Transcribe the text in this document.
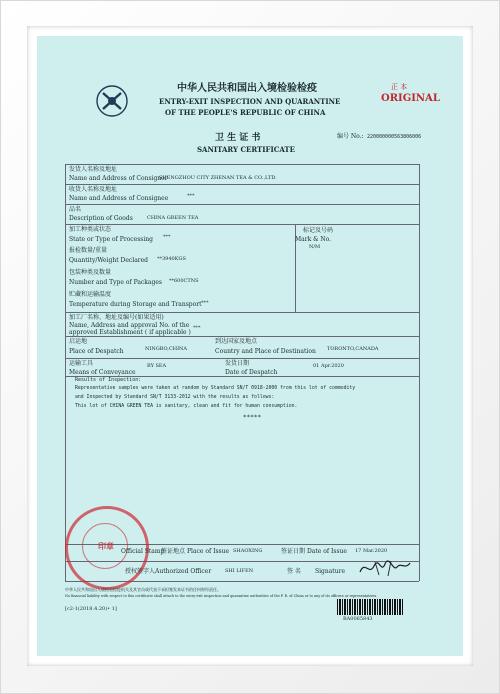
中华人民共和国出入境检验检疫
ENTRY-EXIT INSPECTION AND QUARANTINE
OF THE PEOPLE'S REPUBLIC OF CHINA
正 本
ORIGINAL
卫 生 证 书
SANITARY CERTIFICATE
编号 No.: 220000000563806006
发货人名称及地址
Name and Address of Consignor
SHENGZHOU CITY ZHENAN TEA & CO.,LTD.
收货人名称及地址
Name and Address of Consignee	***
品名
Description of Goods	CHINA GREEN TEA
标记及号码
Mark & No.
N/M
加工种类或状态
State or Type of Processing ***
报检数量/重量
Quantity/Weight Declared **3940KGS
包装种类及数量
Number and Type of Packages **600CTNS
贮藏和运输温度
Temperature during Storage and Transport ***
加工厂名称、地址及编号(如果适用)
Name, Address and approval No. of the
approved Establishment ( if applicable )
***
启运地
Place of Despatch	NINGBO,CHINA
到达国家及地点
Country and Place of Destination TORONTO,CANADA
运输工具
Means of Conveyance
BY SEA	发货日期
Date of Despatch
01 Apr.2020
Results of Inspection:
Representative samples were taken at random by Standard SN/T 0918-2000 from this lot of commodity
and Inspected by Standard SN/T 3133-2012 with the results as follows:
This lot of CHINA GREEN TEA is sanitary, clean and fit for human consumption.
*****
印章
Official Stamp
签证地点 Place of Issue SHAOXING	签证日期 Date of Issue 17 Mar.2020
授权签字人 Authorized Officer	SHI LIFEN	签 名 Signature
中华人民共和国出入境检验检疫机关及其官员或代表不承担签发本证书的任何财经责任。
No financial liability with respect to this certificate shall attach to the entry-exit inspection and quarantine authorities of the P. R. of China or to any of its officers or representatives.
[c2-1(2018.4.20)• 1]
BA0065843
